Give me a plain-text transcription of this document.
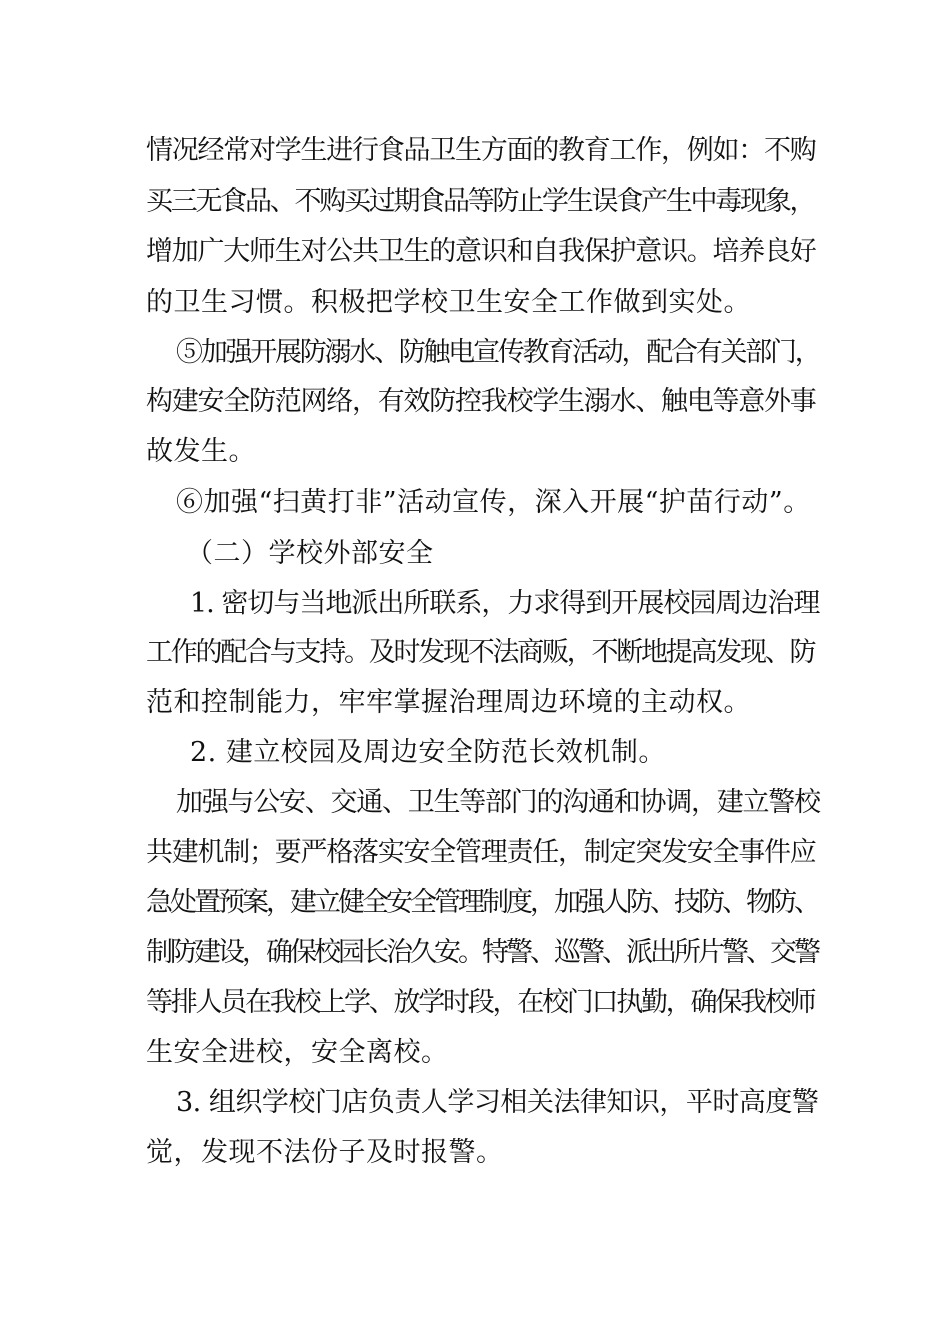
情况经常对学生进行食品卫生方面的教育工作，例如：不购
买三无食品、不购买过期食品等防止学生误食产生中毒现象，
增加广大师生对公共卫生的意识和自我保护意识。培养良好
的卫生习惯。积极把学校卫生安全工作做到实处。
⑤加强开展防溺水、防触电宣传教育活动，配合有关部门，
构建安全防范网络，有效防控我校学生溺水、触电等意外事
故发生。
⑥加强“扫黄打非”活动宣传，深入开展“护苗行动”。
（二）学校外部安全
1. 密切与当地派出所联系，力求得到开展校园周边治理
工作的配合与支持。及时发现不法商贩，不断地提高发现、防
范和控制能力，牢牢掌握治理周边环境的主动权。
2. 建立校园及周边安全防范长效机制。
加强与公安、交通、卫生等部门的沟通和协调，建立警校
共建机制；要严格落实安全管理责任，制定突发安全事件应
急处置预案，建立健全安全管理制度，加强人防、技防、物防、
制防建设，确保校园长治久安。特警、巡警、派出所片警、交警
等排人员在我校上学、放学时段，在校门口执勤，确保我校师
生安全进校，安全离校。
3. 组织学校门店负责人学习相关法律知识，平时高度警
觉，发现不法份子及时报警。
